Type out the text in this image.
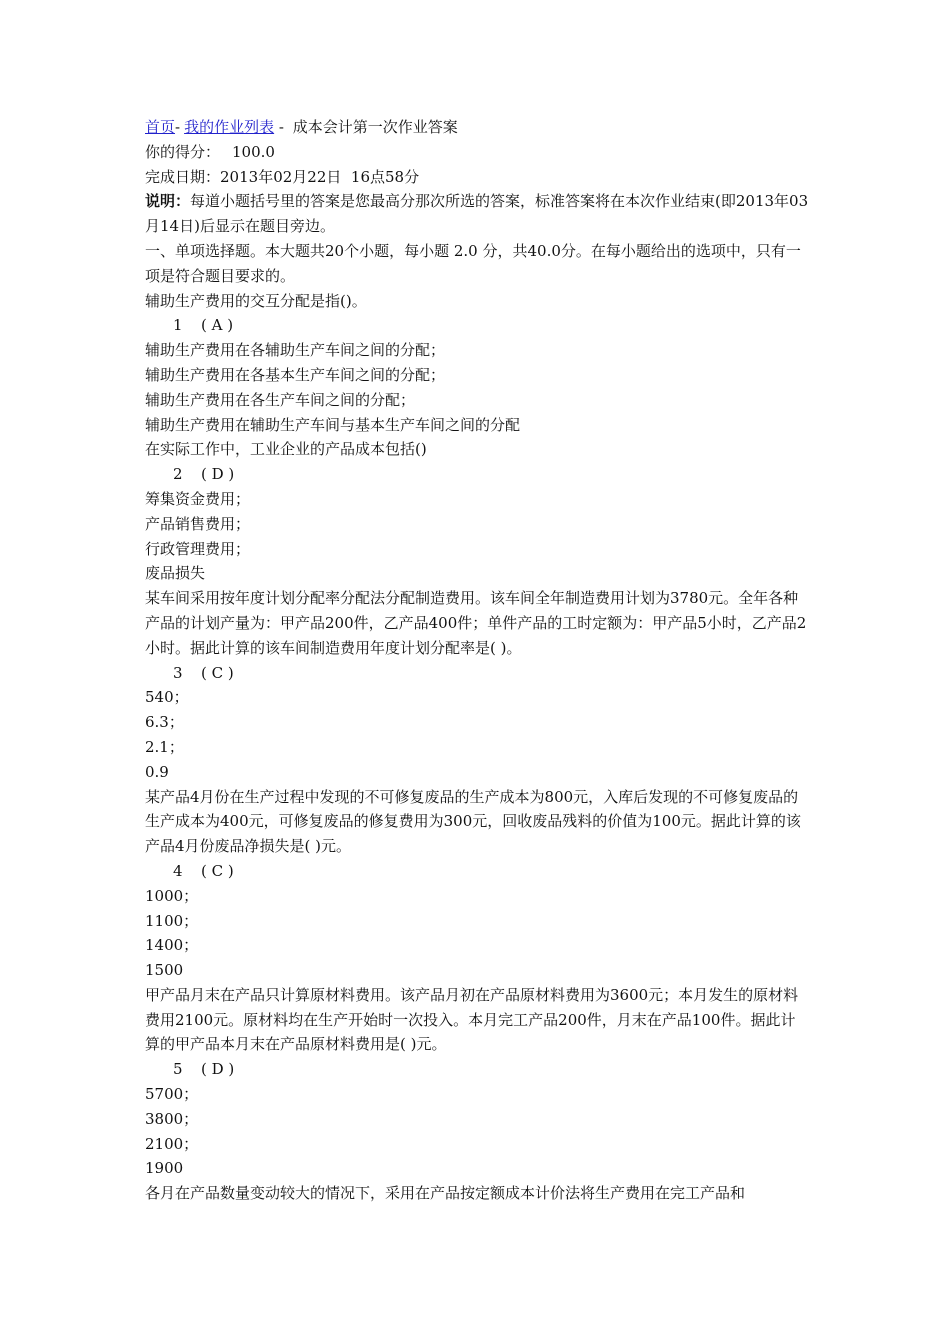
首页- 我的作业列表 - 成本会计第一次作业答案
你的得分： 100.0
完成日期：2013年02月22日  16点58分
说明：每道小题括号里的答案是您最高分那次所选的答案，标准答案将在本次作业结束(即2013年03月14日)后显示在题目旁边。
一、单项选择题。本大题共20个小题，每小题 2.0 分，共40.0分。在每小题给出的选项中，只有一项是符合题目要求的。
辅助生产费用的交互分配是指()。
1 ( A )
辅助生产费用在各辅助生产车间之间的分配；
辅助生产费用在各基本生产车间之间的分配；
辅助生产费用在各生产车间之间的分配；
辅助生产费用在辅助生产车间与基本生产车间之间的分配
在实际工作中，工业企业的产品成本包括()
2 ( D )
筹集资金费用；
产品销售费用；
行政管理费用；
废品损失
某车间采用按年度计划分配率分配法分配制造费用。该车间全年制造费用计划为3780元。全年各种产品的计划产量为：甲产品200件，乙产品400件；单件产品的工时定额为：甲产品5小时，乙产品2小时。据此计算的该车间制造费用年度计划分配率是( )。
3 ( C )
540；
6.3；
2.1；
0.9
某产品4月份在生产过程中发现的不可修复废品的生产成本为800元，入库后发现的不可修复废品的生产成本为400元，可修复废品的修复费用为300元，回收废品残料的价值为100元。据此计算的该产品4月份废品净损失是( )元。
4 ( C )
1000；
1100；
1400；
1500
甲产品月末在产品只计算原材料费用。该产品月初在产品原材料费用为3600元；本月发生的原材料费用2100元。原材料均在生产开始时一次投入。本月完工产品200件，月末在产品100件。据此计算的甲产品本月末在产品原材料费用是( )元。
5 ( D )
5700；
3800；
2100；
1900
各月在产品数量变动较大的情况下，采用在产品按定额成本计价法将生产费用在完工产品和
